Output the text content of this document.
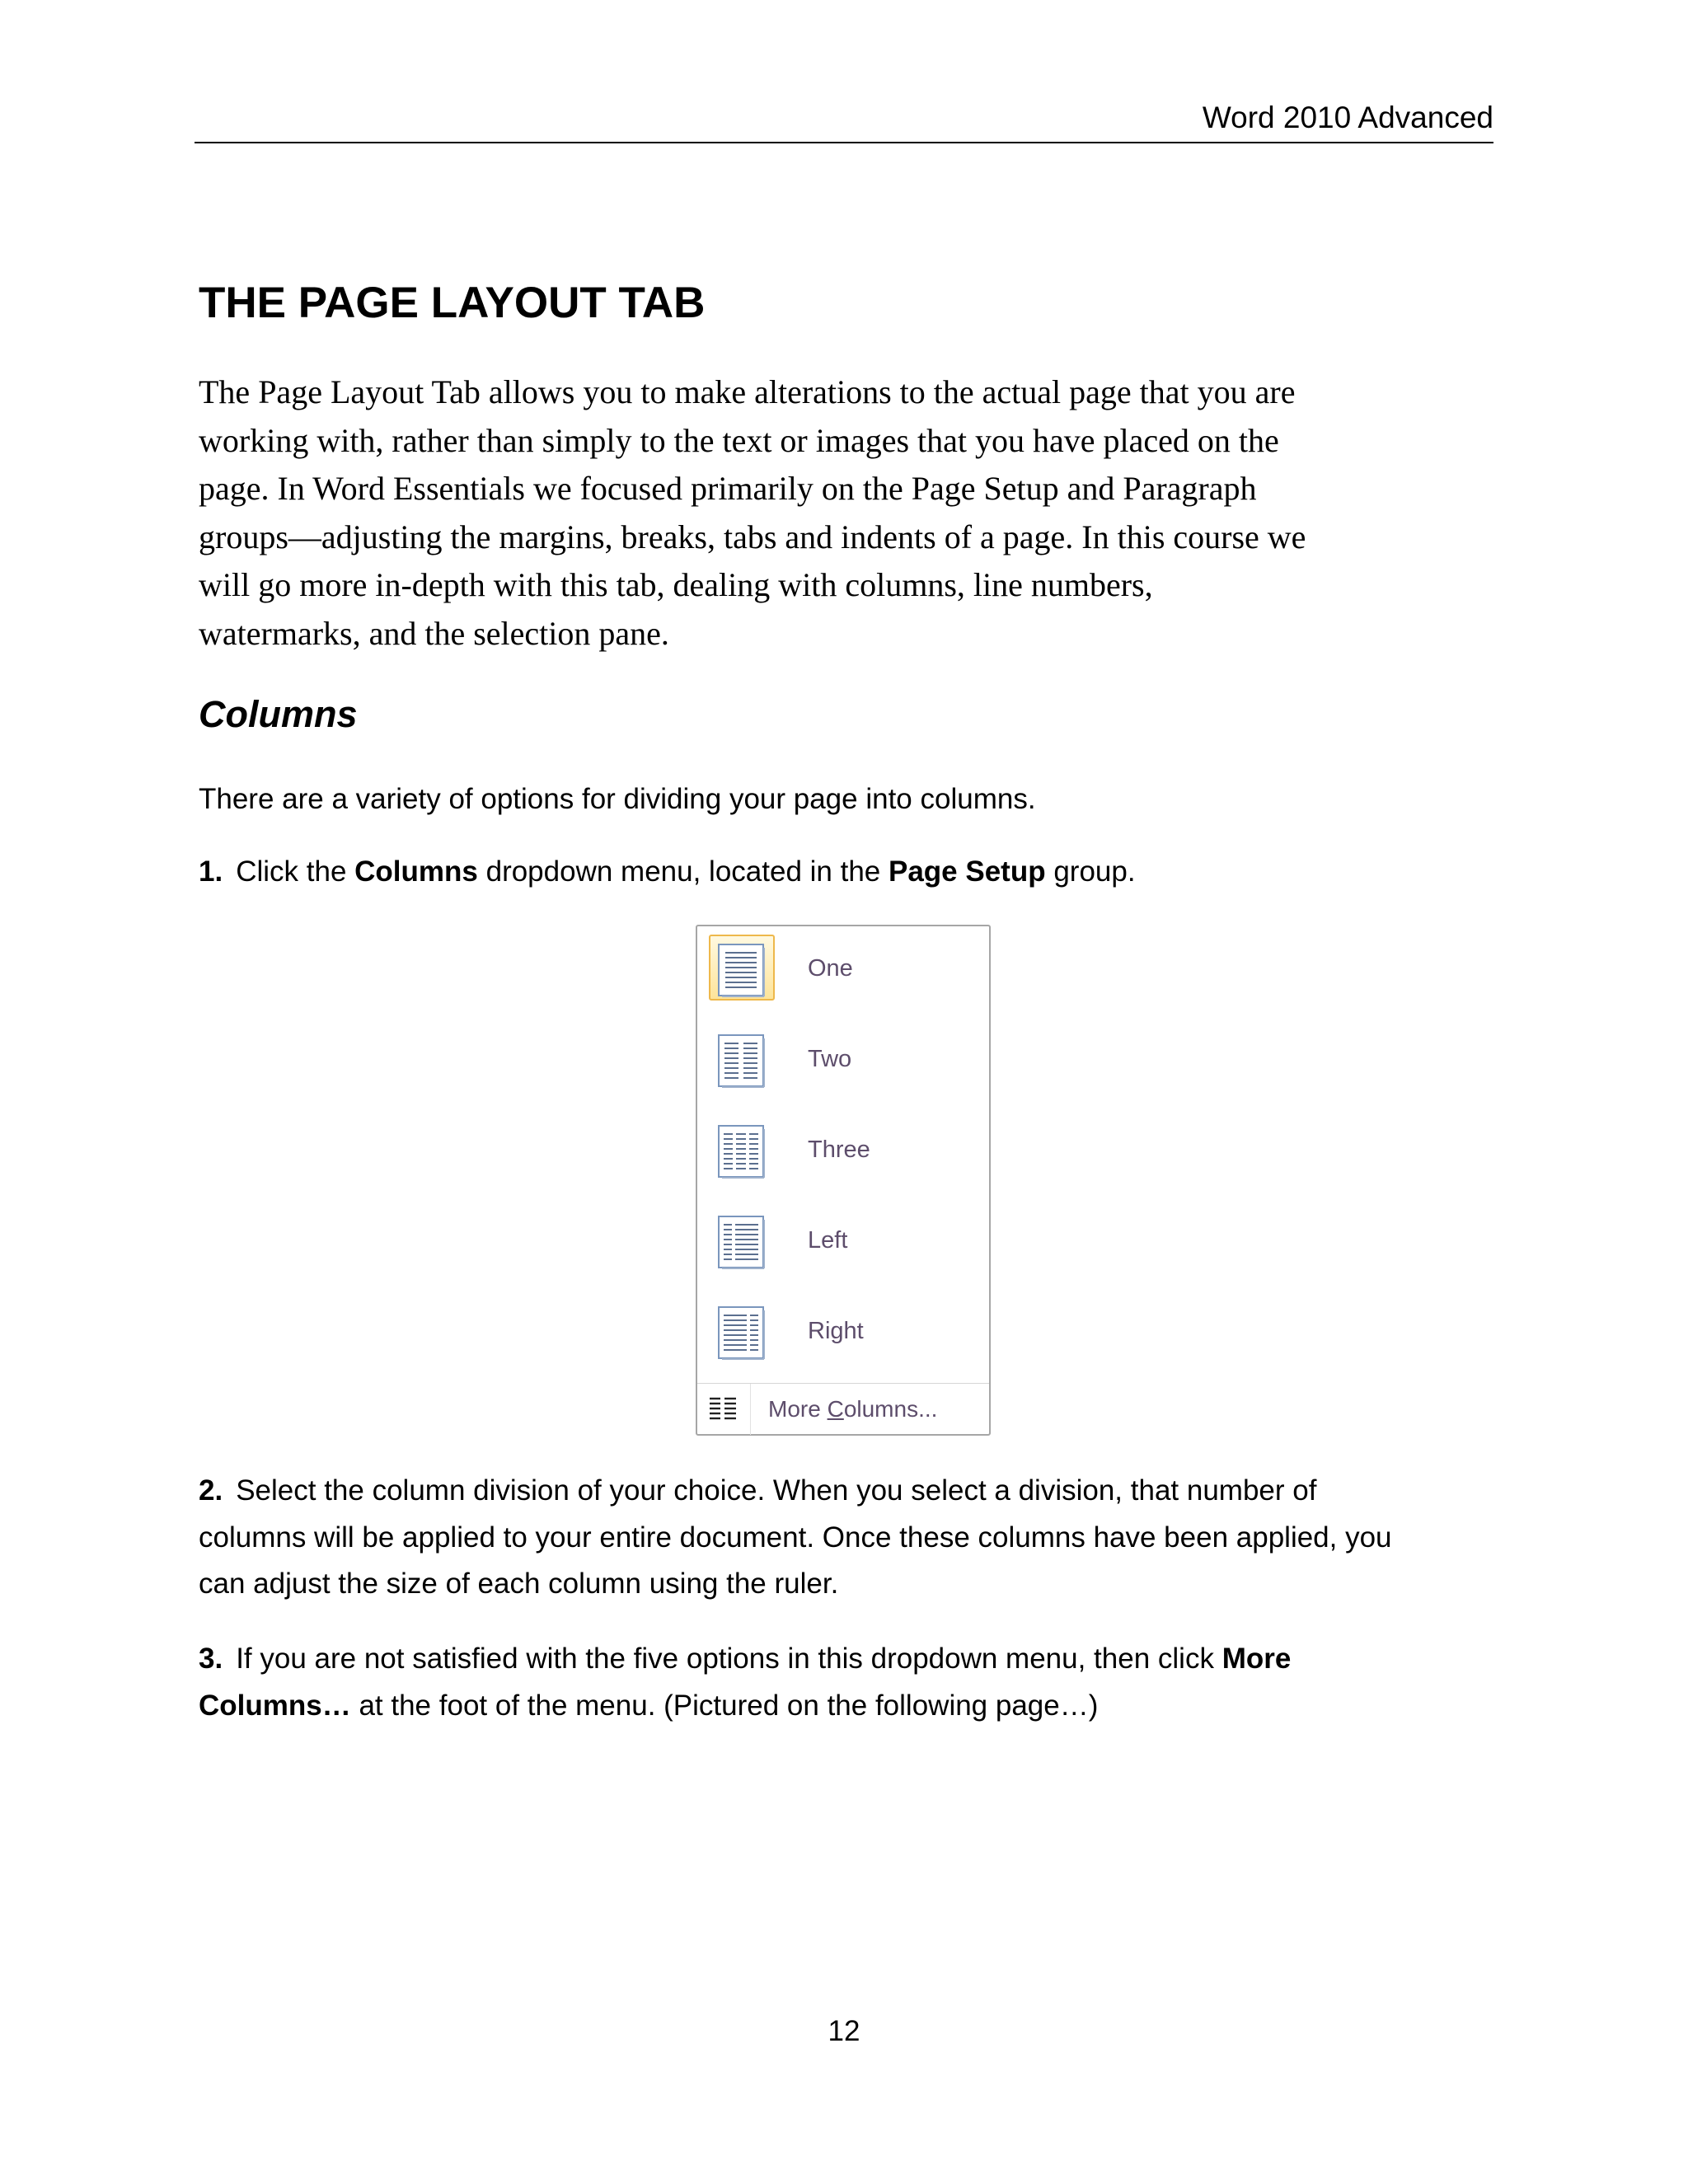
Word 2010 Advanced
THE PAGE LAYOUT TAB
The Page Layout Tab allows you to make alterations to the actual page that you are
working with, rather than simply to the text or images that you have placed on the
page. In Word Essentials we focused primarily on the Page Setup and Paragraph
groups—adjusting the margins, breaks, tabs and indents of a page. In this course we
will go more in-depth with this tab, dealing with columns, line numbers,
watermarks, and the selection pane.
Columns

There are a variety of options for dividing your page into columns.

1. Click the Columns dropdown menu, located in the Page Setup group.

One
Two
Three
Left
Right
More Columns...
2. Select the column division of your choice. When you select a division, that number of
columns will be applied to your entire document. Once these columns have been applied, you
can adjust the size of each column using the ruler.
3. If you are not satisfied with the five options in this dropdown menu, then click More
Columns… at the foot of the menu. (Pictured on the following page…)
12
